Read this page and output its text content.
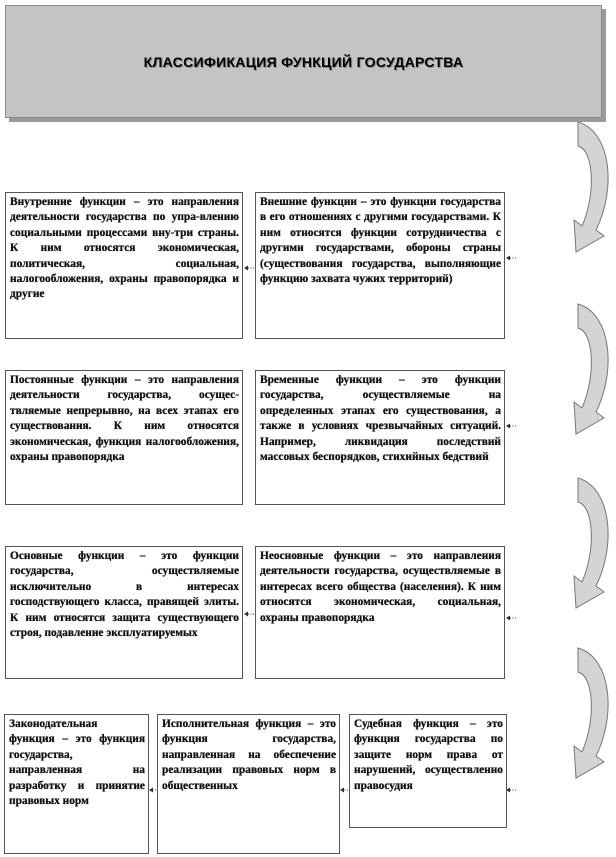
КЛАССИФИКАЦИЯ ФУНКЦИЙ ГОСУДАРСТВА
Внутренние функции – это направления деятельности государства по упра-влению социальными процессами вну-три страны. К ним относятся экономическая, политическая, социальная, налогообложения, охраны правопорядка и другие
Внешние функции – это функции государства в его отношениях с другими государствами. К ним относятся функции сотрудничества с другими государствами, обороны страны (существования государства, выполняющие функцию захвата чужих территорий)
Постоянные функции – это направления деятельности государства, осущес-твляемые непрерывно, на всех этапах его существования. К ним относятся экономическая, функция налогообложения, охраны правопорядка
Временные функции – это функции государства, осуществляемые на определенных этапах его существования, а также в условиях чрезвычайных ситуаций. Например, ликвидация последствий массовых беспорядков, стихийных бедствий
Основные функции – это функции государства, осуществляемые исключительно в интересах господствующего класса, правящей элиты. К ним относятся защита существующего строя, подавление эксплуатируемых
Неосновные функции – это направления деятельности государства, осуществляемые в интересах всего общества (населения). К ним относятся экономическая, социальная, охраны правопорядка
Законодательная функция – это функция государства, направленная на разработку и принятие правовых норм
Исполнительная функция – это функция государства, направленная на обеспечение реализации правовых норм в общественных
Судебная функция – это функция государства по защите норм права от нарушений, осуществленно правосудия
